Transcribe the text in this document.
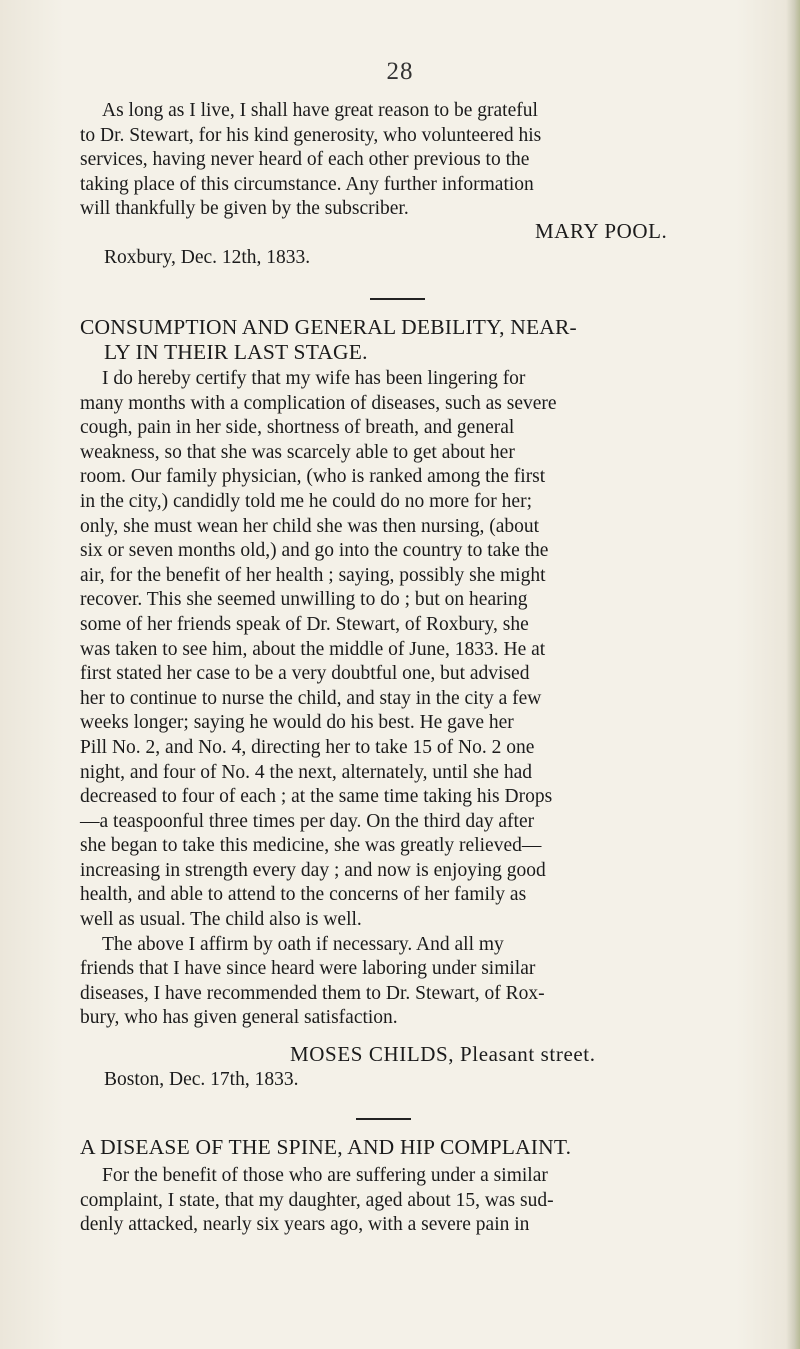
28
As long as I live, I shall have great reason to be grateful
to Dr. Stewart, for his kind generosity, who volunteered his
services, having never heard of each other previous to the
taking place of this circumstance. Any further information
will thankfully be given by the subscriber.
MARY POOL.
Roxbury, Dec. 12th, 1833.
CONSUMPTION AND GENERAL DEBILITY, NEAR-
LY IN THEIR LAST STAGE.
I do hereby certify that my wife has been lingering for
many months with a complication of diseases, such as severe
cough, pain in her side, shortness of breath, and general
weakness, so that she was scarcely able to get about her
room. Our family physician, (who is ranked among the first
in the city,) candidly told me he could do no more for her;
only, she must wean her child she was then nursing, (about
six or seven months old,) and go into the country to take the
air, for the benefit of her health ; saying, possibly she might
recover. This she seemed unwilling to do ; but on hearing
some of her friends speak of Dr. Stewart, of Roxbury, she
was taken to see him, about the middle of June, 1833. He at
first stated her case to be a very doubtful one, but advised
her to continue to nurse the child, and stay in the city a few
weeks longer; saying he would do his best. He gave her
Pill No. 2, and No. 4, directing her to take 15 of No. 2 one
night, and four of No. 4 the next, alternately, until she had
decreased to four of each ; at the same time taking his Drops
—a teaspoonful three times per day. On the third day after
she began to take this medicine, she was greatly relieved—
increasing in strength every day ; and now is enjoying good
health, and able to attend to the concerns of her family as
well as usual. The child also is well.
The above I affirm by oath if necessary. And all my
friends that I have since heard were laboring under similar
diseases, I have recommended them to Dr. Stewart, of Rox-
bury, who has given general satisfaction.
MOSES CHILDS, Pleasant street.
Boston, Dec. 17th, 1833.
A DISEASE OF THE SPINE, AND HIP COMPLAINT.
For the benefit of those who are suffering under a similar
complaint, I state, that my daughter, aged about 15, was sud-
denly attacked, nearly six years ago, with a severe pain in
